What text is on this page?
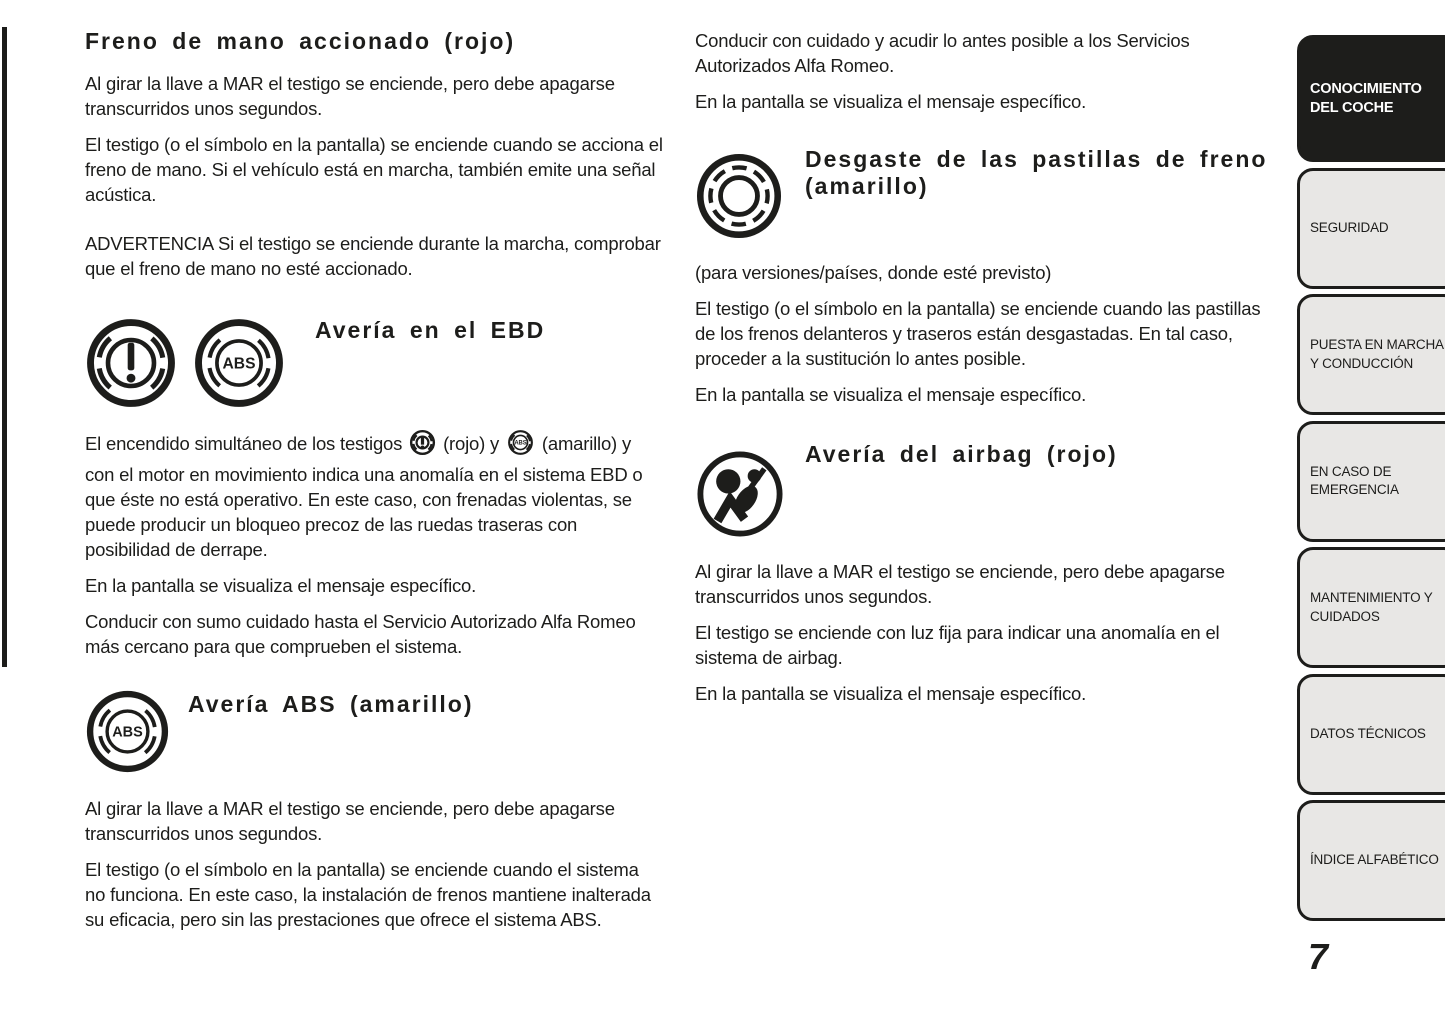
Freno de mano accionado (rojo)

Al girar la llave a MAR el testigo se enciende, pero debe apagarse transcurridos unos segundos.

El testigo (o el símbolo en la pantalla) se enciende cuando se acciona el freno de mano. Si el vehículo está en marcha, también emite una señal acústica.

ADVERTENCIA Si el testigo se enciende durante la marcha, comprobar que el freno de mano no esté accionado.

ABS
Avería en el EBD

El encendido simultáneo de los testigos  (rojo) y ABS (amarillo) y con el motor en movimiento indica una anomalía en el sistema EBD o que éste no está operativo. En este caso, con frenadas violentas, se puede producir un bloqueo precoz de las ruedas traseras con posibilidad de derrape.

En la pantalla se visualiza el mensaje específico.

Conducir con sumo cuidado hasta el Servicio Autorizado Alfa Romeo más cercano para que comprueben el sistema.

ABS
Avería ABS (amarillo)

Al girar la llave a MAR el testigo se enciende, pero debe apagarse transcurridos unos segundos.

El testigo (o el símbolo en la pantalla) se enciende cuando el sistema no funciona. En este caso, la instalación de frenos mantiene inalterada su eficacia, pero sin las prestaciones que ofrece el sistema ABS.

Conducir con cuidado y acudir lo antes posible a los Servicios Autorizados Alfa Romeo.

En la pantalla se visualiza el mensaje específico.

Desgaste de las pastillas de freno (amarillo)

(para versiones/países, donde esté previsto)

El testigo (o el símbolo en la pantalla) se enciende cuando las pastillas de los frenos delanteros y traseros están desgastadas. En tal caso, proceder a la sustitución lo antes posible.

En la pantalla se visualiza el mensaje específico.

Avería del airbag (rojo)

Al girar la llave a MAR el testigo se enciende, pero debe apagarse transcurridos unos segundos.

El testigo se enciende con luz fija para indicar una anomalía en el sistema de airbag.

En la pantalla se visualiza el mensaje específico.

CONOCIMIENTO DEL COCHE
SEGURIDAD
PUESTA EN MARCHA Y CONDUCCIÓN
EN CASO DE EMERGENCIA
MANTENIMIENTO Y CUIDADOS
DATOS TÉCNICOS
ÍNDICE ALFABÉTICO
7
